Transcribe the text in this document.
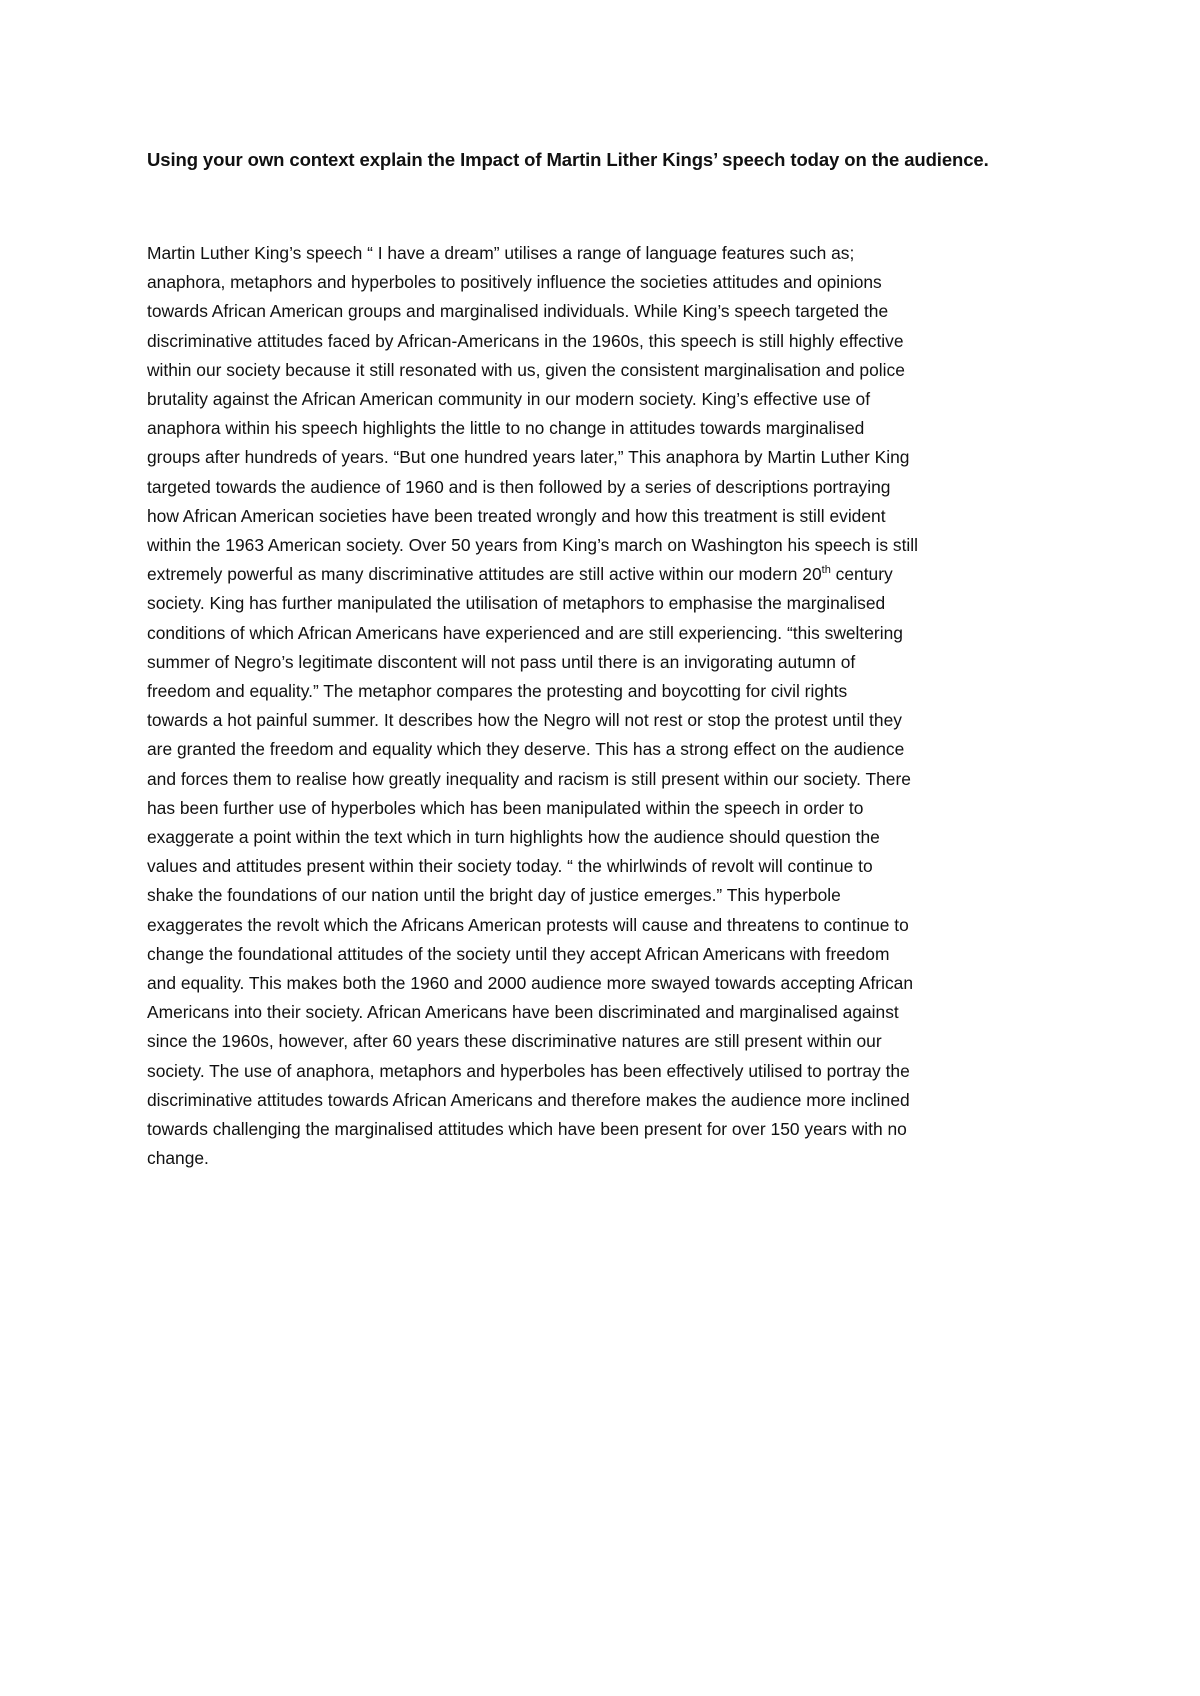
Using your own context explain the Impact of Martin Lither Kings’ speech today on the audience.
Martin Luther King’s speech “ I have a dream” utilises a range of language features such as;
anaphora, metaphors and hyperboles to positively influence the societies attitudes and opinions
towards African American groups and marginalised individuals. While King’s speech targeted the
discriminative attitudes faced by African-Americans in the 1960s, this speech is still highly effective
within our society because it still resonated with us, given the consistent marginalisation and police
brutality against the African American community in our modern society. King’s effective use of
anaphora within his speech highlights the little to no change in attitudes towards marginalised
groups after hundreds of years. “But one hundred years later,” This anaphora by Martin Luther King
targeted towards the audience of 1960 and is then followed by a series of descriptions portraying
how African American societies have been treated wrongly and how this treatment is still evident
within the 1963 American society. Over 50 years from King’s march on Washington his speech is still
extremely powerful as many discriminative attitudes are still active within our modern 20th century
society. King has further manipulated the utilisation of metaphors to emphasise the marginalised
conditions of which African Americans have experienced and are still experiencing. “this sweltering
summer of Negro’s legitimate discontent will not pass until there is an invigorating autumn of
freedom and equality.” The metaphor compares the protesting and boycotting for civil rights
towards a hot painful summer. It describes how the Negro will not rest or stop the protest until they
are granted the freedom and equality which they deserve. This has a strong effect on the audience
and forces them to realise how greatly inequality and racism is still present within our society. There
has been further use of hyperboles which has been manipulated within the speech in order to
exaggerate a point within the text which in turn highlights how the audience should question the
values and attitudes present within their society today. “ the whirlwinds of revolt will continue to
shake the foundations of our nation until the bright day of justice emerges.” This hyperbole
exaggerates the revolt which the Africans American protests will cause and threatens to continue to
change the foundational attitudes of the society until they accept African Americans with freedom
and equality. This makes both the 1960 and 2000 audience more swayed towards accepting African
Americans into their society. African Americans have been discriminated and marginalised against
since the 1960s, however, after 60 years these discriminative natures are still present within our
society. The use of anaphora, metaphors and hyperboles has been effectively utilised to portray the
discriminative attitudes towards African Americans and therefore makes the audience more inclined
towards challenging the marginalised attitudes which have been present for over 150 years with no
change.
